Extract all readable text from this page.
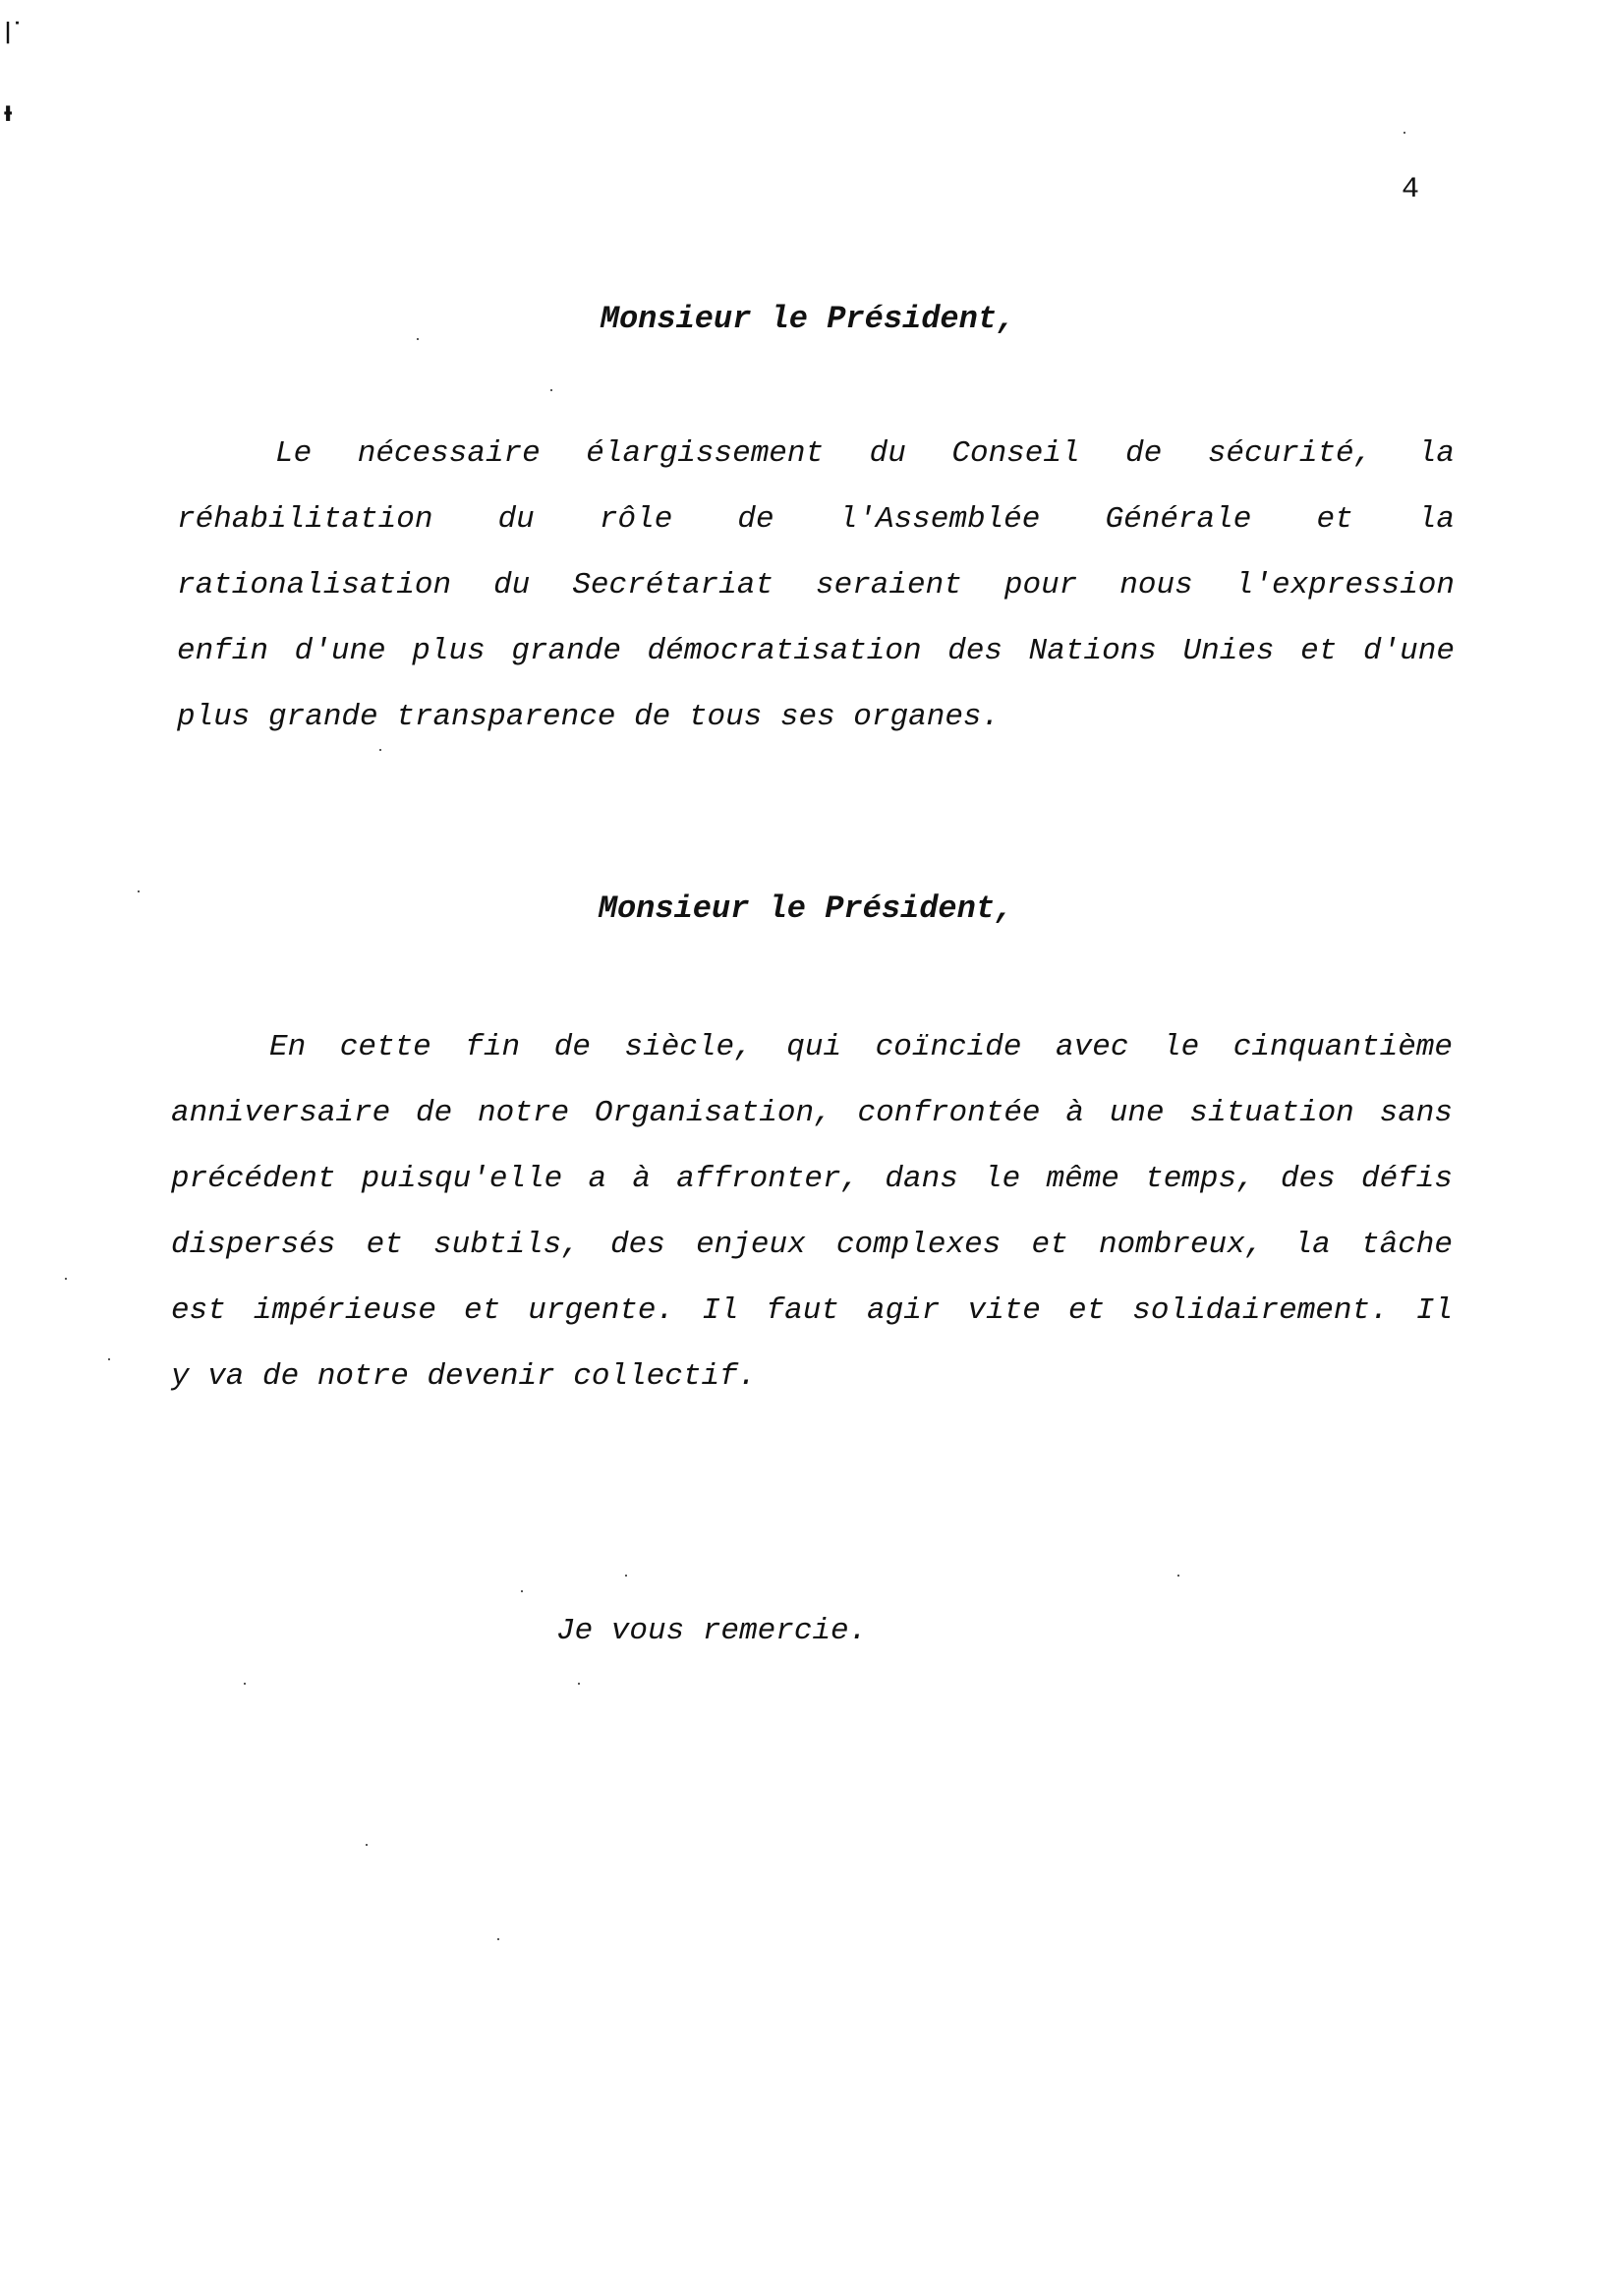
|˙
ᵼ
4
Monsieur le Président,
Le nécessaire élargissement du Conseil de sécurité, la
réhabilitation du rôle de l'Assemblée Générale et la
rationalisation du Secrétariat seraient pour nous l'expression
enfin d'une plus grande démocratisation des Nations Unies et d'une
plus grande transparence de tous ses organes.
Monsieur le Président,
En cette fin de siècle, qui coïncide avec le cinquantième
anniversaire de notre Organisation, confrontée à une situation sans
précédent puisqu'elle a à affronter, dans le même temps, des défis
dispersés et subtils, des enjeux complexes et nombreux, la tâche
est impérieuse et urgente. Il faut agir vite et solidairement. Il
y va de notre devenir collectif.
Je vous remercie.
